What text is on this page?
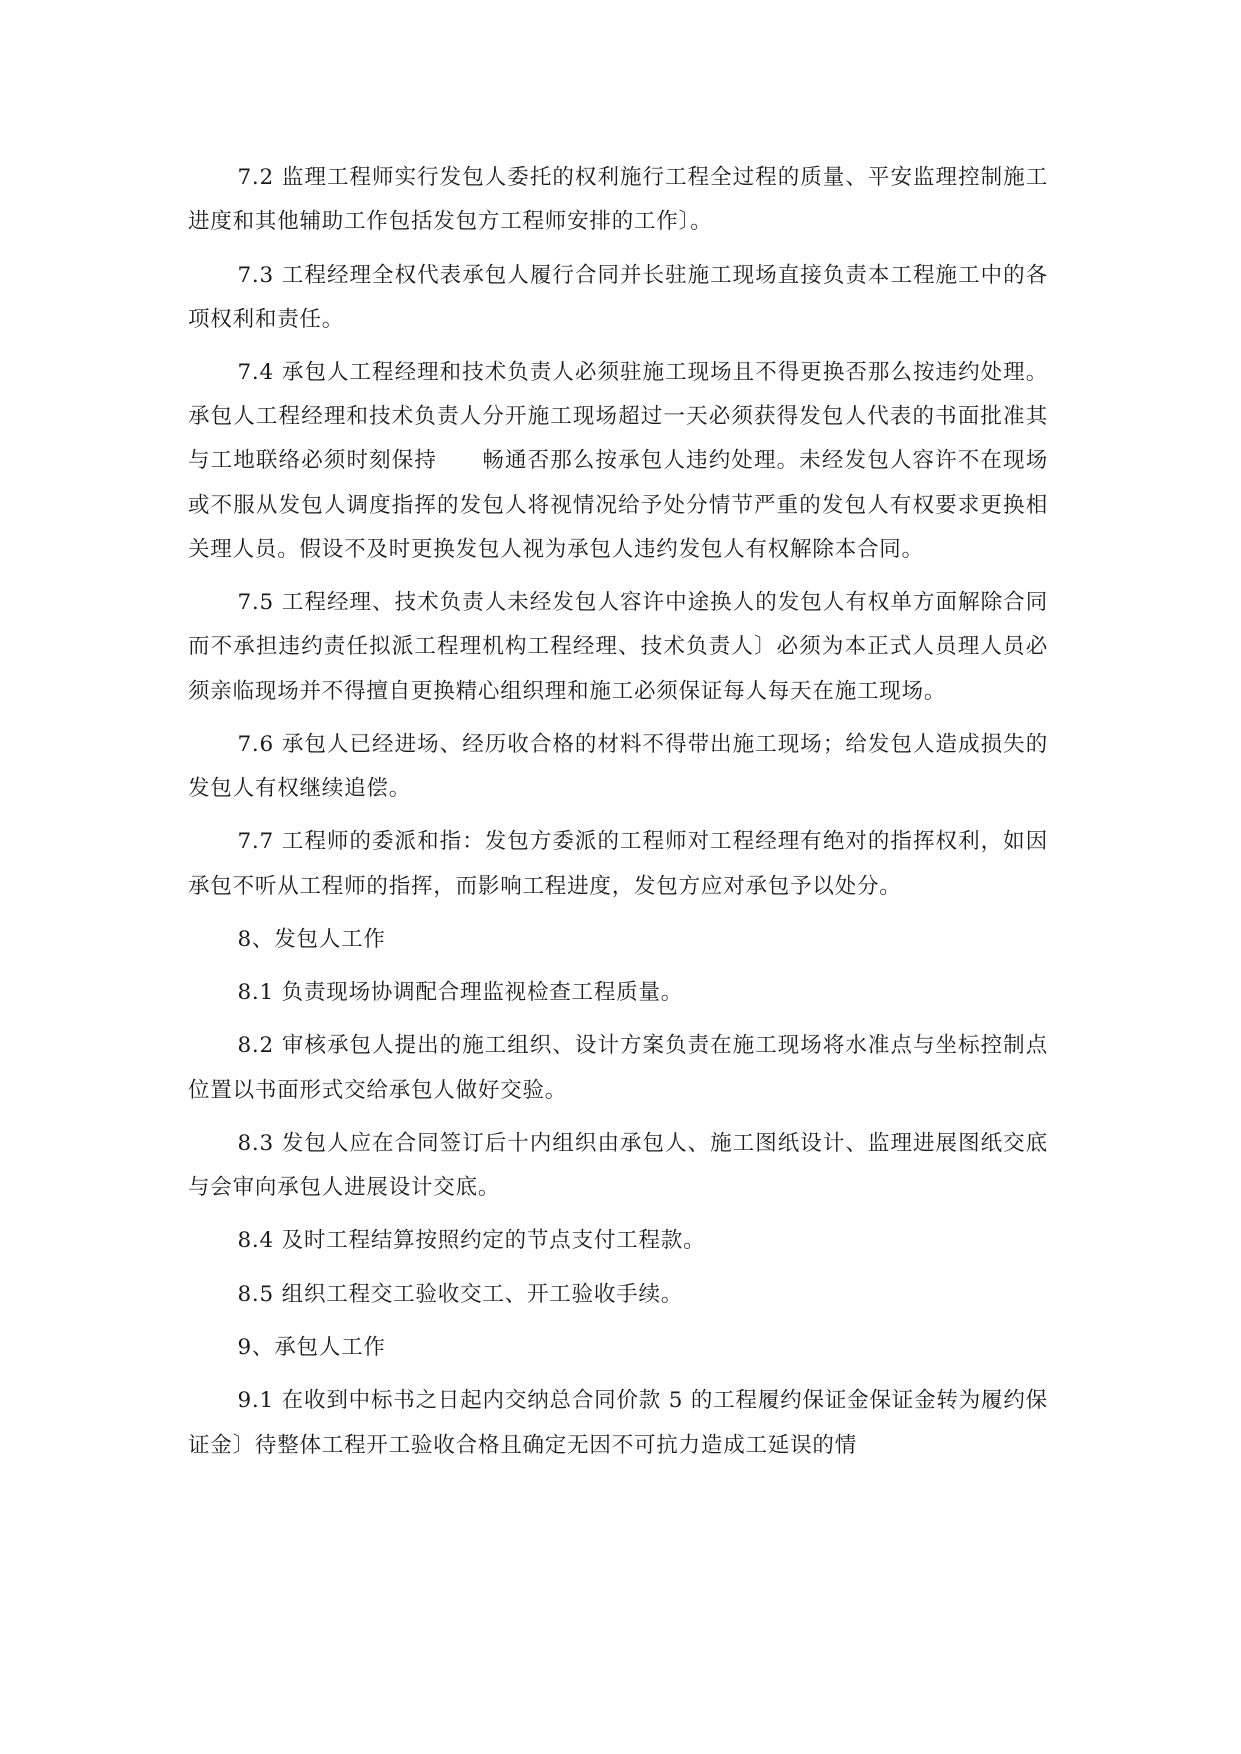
7.2 监理工程师实行发包人委托的权利施行工程全过程的质量、平安监理控制施工进度和其他辅助工作包括发包方工程师安排的工作〕。

7.3 工程经理全权代表承包人履行合同并长驻施工现场直接负责本工程施工中的各项权利和责任。

7.4 承包人工程经理和技术负责人必须驻施工现场且不得更换否那么按违约处理。承包人工程经理和技术负责人分开施工现场超过一天必须获得发包人代表的书面批准其与工地联络必须时刻保持　　畅通否那么按承包人违约处理。未经发包人容许不在现场或不服从发包人调度指挥的发包人将视情况给予处分情节严重的发包人有权要求更换相关理人员。假设不及时更换发包人视为承包人违约发包人有权解除本合同。

7.5 工程经理、技术负责人未经发包人容许中途换人的发包人有权单方面解除合同而不承担违约责任拟派工程理机构工程经理、技术负责人〕必须为本正式人员理人员必须亲临现场并不得擅自更换精心组织理和施工必须保证每人每天在施工现场。

7.6 承包人已经进场、经历收合格的材料不得带出施工现场；给发包人造成损失的发包人有权继续追偿。

7.7 工程师的委派和指：发包方委派的工程师对工程经理有绝对的指挥权利，如因承包不听从工程师的指挥，而影响工程进度，发包方应对承包予以处分。

8、发包人工作

8.1 负责现场协调配合理监视检查工程质量。

8.2 审核承包人提出的施工组织、设计方案负责在施工现场将水准点与坐标控制点位置以书面形式交给承包人做好交验。

8.3 发包人应在合同签订后十内组织由承包人、施工图纸设计、监理进展图纸交底与会审向承包人进展设计交底。

8.4 及时工程结算按照约定的节点支付工程款。

8.5 组织工程交工验收交工、开工验收手续。

9、承包人工作

9.1 在收到中标书之日起内交纳总合同价款 5 的工程履约保证金保证金转为履约保证金〕待整体工程开工验收合格且确定无因不可抗力造成工延误的情
